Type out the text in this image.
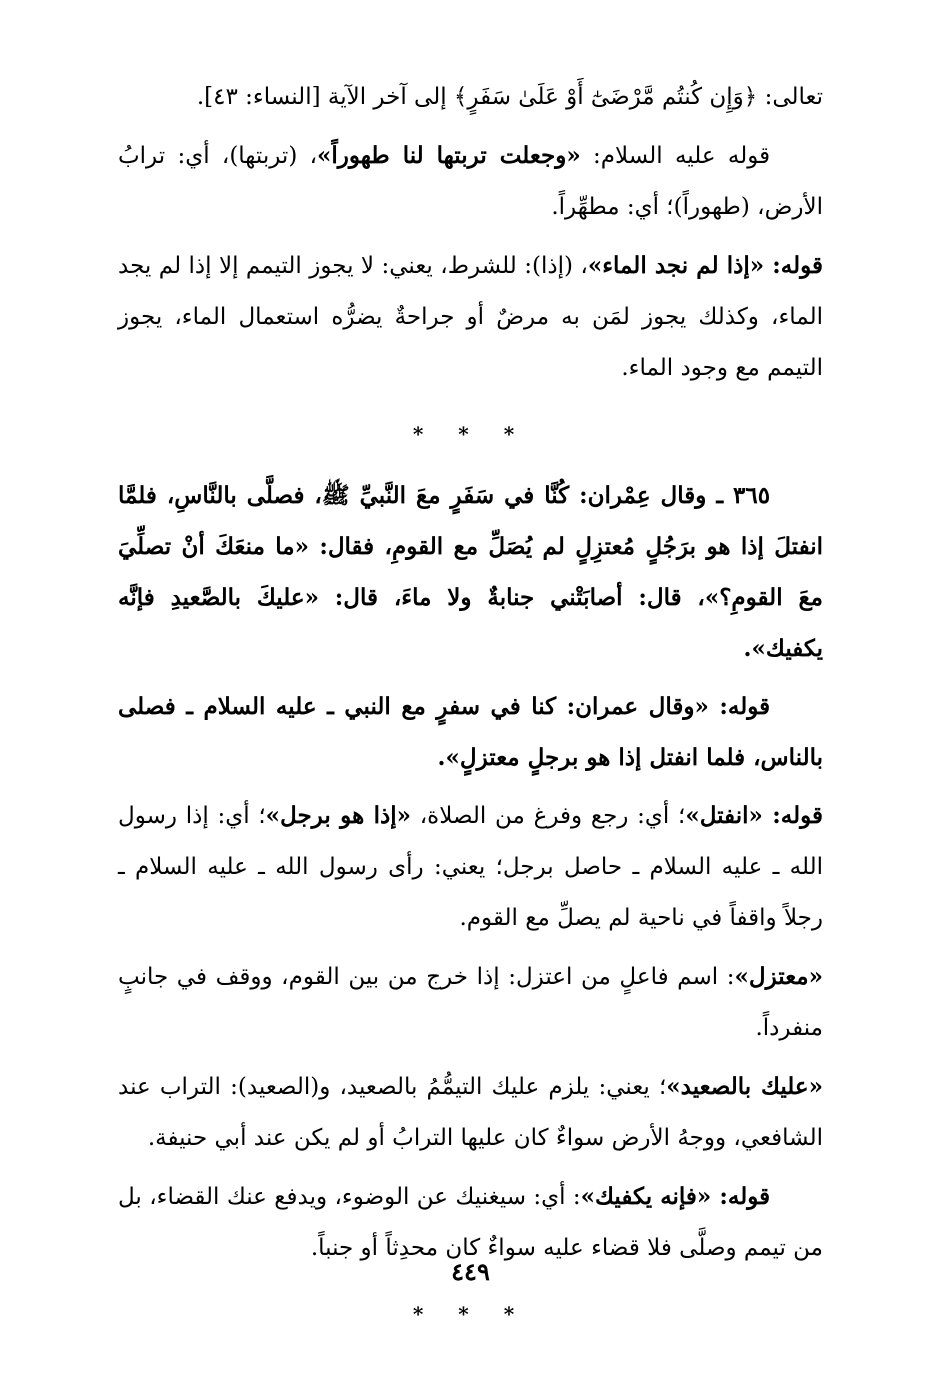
تعالى: ﴿وَإِن كُنتُم مَّرْضَىٰٓ أَوْ عَلَىٰ سَفَرٍ﴾ إلى آخر الآية [النساء: ٤٣].

قوله عليه السلام: «وجعلت تربتها لنا طهوراً»، (تربتها)، أي: ترابُ الأرض، (طهوراً)؛ أي: مطهِّراً.

قوله: «إذا لم نجد الماء»، (إذا): للشرط، يعني: لا يجوز التيمم إلا إذا لم يجد الماء، وكذلك يجوز لمَن به مرضٌ أو جراحةٌ يضرُّه استعمال الماء، يجوز التيمم مع وجود الماء.

* * *

٣٦٥ ـ وقال عِمْران: كُنَّا في سَفَرٍ معَ النَّبيِّ ﷺ، فصلَّى بالنَّاسِ، فلمَّا انفتلَ إذا هو برَجُلٍ مُعتزِلٍ لم يُصَلِّ مع القومِ، فقال: «ما منعَكَ أنْ تصلِّيَ معَ القومِ؟»، قال: أصابَتْني جنابةٌ ولا ماءَ، قال: «عليكَ بالصَّعيدِ فإنَّه يكفيك».

قوله: «وقال عمران: كنا في سفرٍ مع النبي ـ عليه السلام ـ فصلى بالناس، فلما انفتل إذا هو برجلٍ معتزلٍ».

قوله: «انفتل»؛ أي: رجع وفرغ من الصلاة، «إذا هو برجل»؛ أي: إذا رسول الله ـ عليه السلام ـ حاصل برجل؛ يعني: رأى رسول الله ـ عليه السلام ـ رجلاً واقفاً في ناحية لم يصلِّ مع القوم.

«معتزل»: اسم فاعلٍ من اعتزل: إذا خرج من بين القوم، ووقف في جانبٍ منفرداً.

«عليك بالصعيد»؛ يعني: يلزم عليك التيمُّمُ بالصعيد، و(الصعيد): التراب عند الشافعي، ووجهُ الأرض سواءٌ كان عليها الترابُ أو لم يكن عند أبي حنيفة.

قوله: «فإنه يكفيك»: أي: سيغنيك عن الوضوء، ويدفع عنك القضاء، بل من تيمم وصلَّى فلا قضاء عليه سواءٌ كان محدِثاً أو جنباً.

* * *
٤٤٩
